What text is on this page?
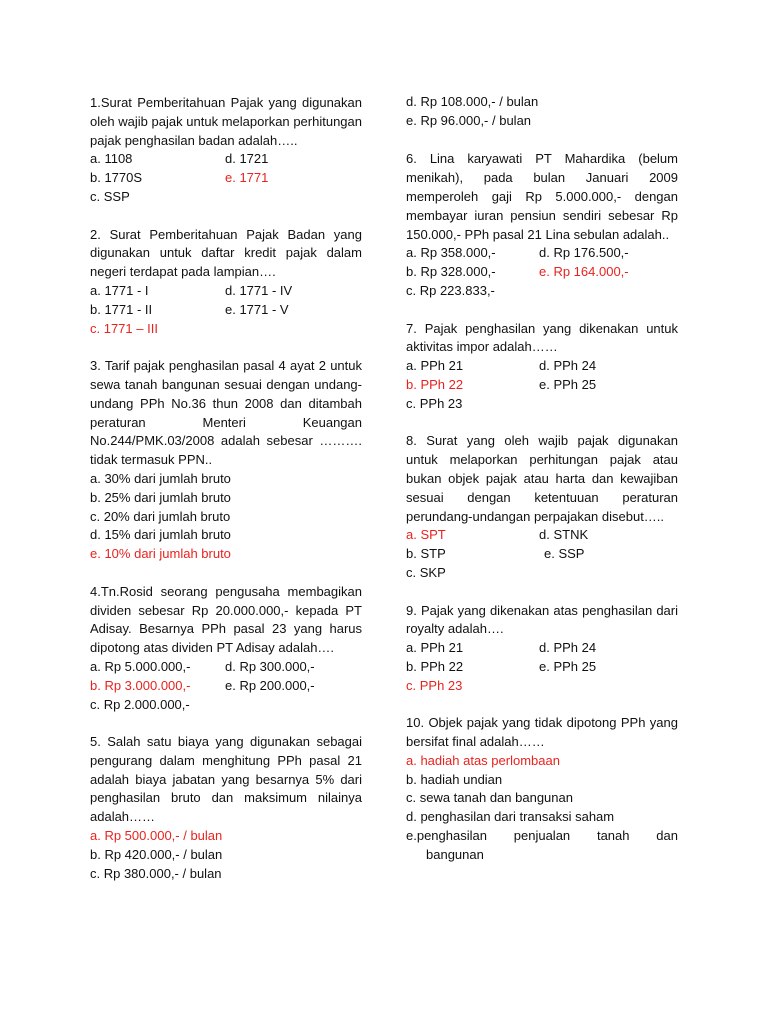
1.Surat Pemberitahuan Pajak yang digunakan oleh wajib pajak untuk melaporkan perhitungan pajak penghasilan badan adalah…..
a. 1108	d. 1721
b. 1770S	e. 1771
c. SSP
2. Surat Pemberitahuan Pajak Badan yang digunakan untuk daftar kredit pajak dalam negeri terdapat pada lampian….
a. 1771 - I	d. 1771 - IV
b. 1771 - II	e. 1771 - V
c. 1771 – III
3. Tarif pajak penghasilan pasal 4 ayat 2 untuk sewa tanah bangunan sesuai dengan undang-undang PPh No.36 thun 2008 dan ditambah peraturan Menteri Keuangan No.244/PMK.03/2008 adalah sebesar ………. tidak termasuk PPN..
a. 30% dari jumlah bruto
b. 25% dari jumlah bruto
c. 20% dari jumlah bruto
d. 15% dari jumlah bruto
e. 10% dari jumlah bruto
4.Tn.Rosid seorang pengusaha membagikan dividen sebesar Rp 20.000.000,- kepada PT Adisay. Besarnya PPh pasal 23 yang harus dipotong atas dividen PT Adisay adalah….
a. Rp 5.000.000,-	d. Rp 300.000,-
b. Rp 3.000.000,-	e. Rp 200.000,-
c. Rp 2.000.000,-
5. Salah satu biaya yang digunakan sebagai pengurang dalam menghitung PPh pasal 21 adalah biaya jabatan yang besarnya 5% dari penghasilan bruto dan maksimum nilainya adalah……
a. Rp 500.000,- / bulan
b. Rp 420.000,- / bulan
c. Rp 380.000,- / bulan
d. Rp 108.000,- / bulan
e. Rp 96.000,- / bulan
6. Lina karyawati PT Mahardika (belum menikah), pada bulan Januari 2009 memperoleh gaji Rp 5.000.000,- dengan membayar iuran pensiun sendiri sebesar Rp 150.000,- PPh pasal 21 Lina sebulan adalah..
a. Rp 358.000,-	d. Rp 176.500,-
b. Rp 328.000,-	e. Rp 164.000,-
c. Rp 223.833,-
7. Pajak penghasilan yang dikenakan untuk aktivitas impor adalah……
a. PPh 21	d. PPh 24
b. PPh 22	e. PPh 25
c. PPh 23
8. Surat yang oleh wajib pajak digunakan untuk melaporkan perhitungan pajak atau bukan objek pajak atau harta dan kewajiban sesuai dengan ketentuuan peraturan perundang-undangan perpajakan disebut…..
a. SPT	d. STNK
b. STP	e. SSP
c. SKP
9. Pajak yang dikenakan atas penghasilan dari royalty adalah….
a. PPh 21	d. PPh 24
b. PPh 22	e. PPh 25
c. PPh 23
10. Objek pajak yang tidak dipotong PPh yang bersifat final adalah……
a. hadiah atas perlombaan
b. hadiah undian
c. sewa tanah dan bangunan
d. penghasilan dari transaksi saham
e.penghasilan penjualan tanah dan
bangunan
